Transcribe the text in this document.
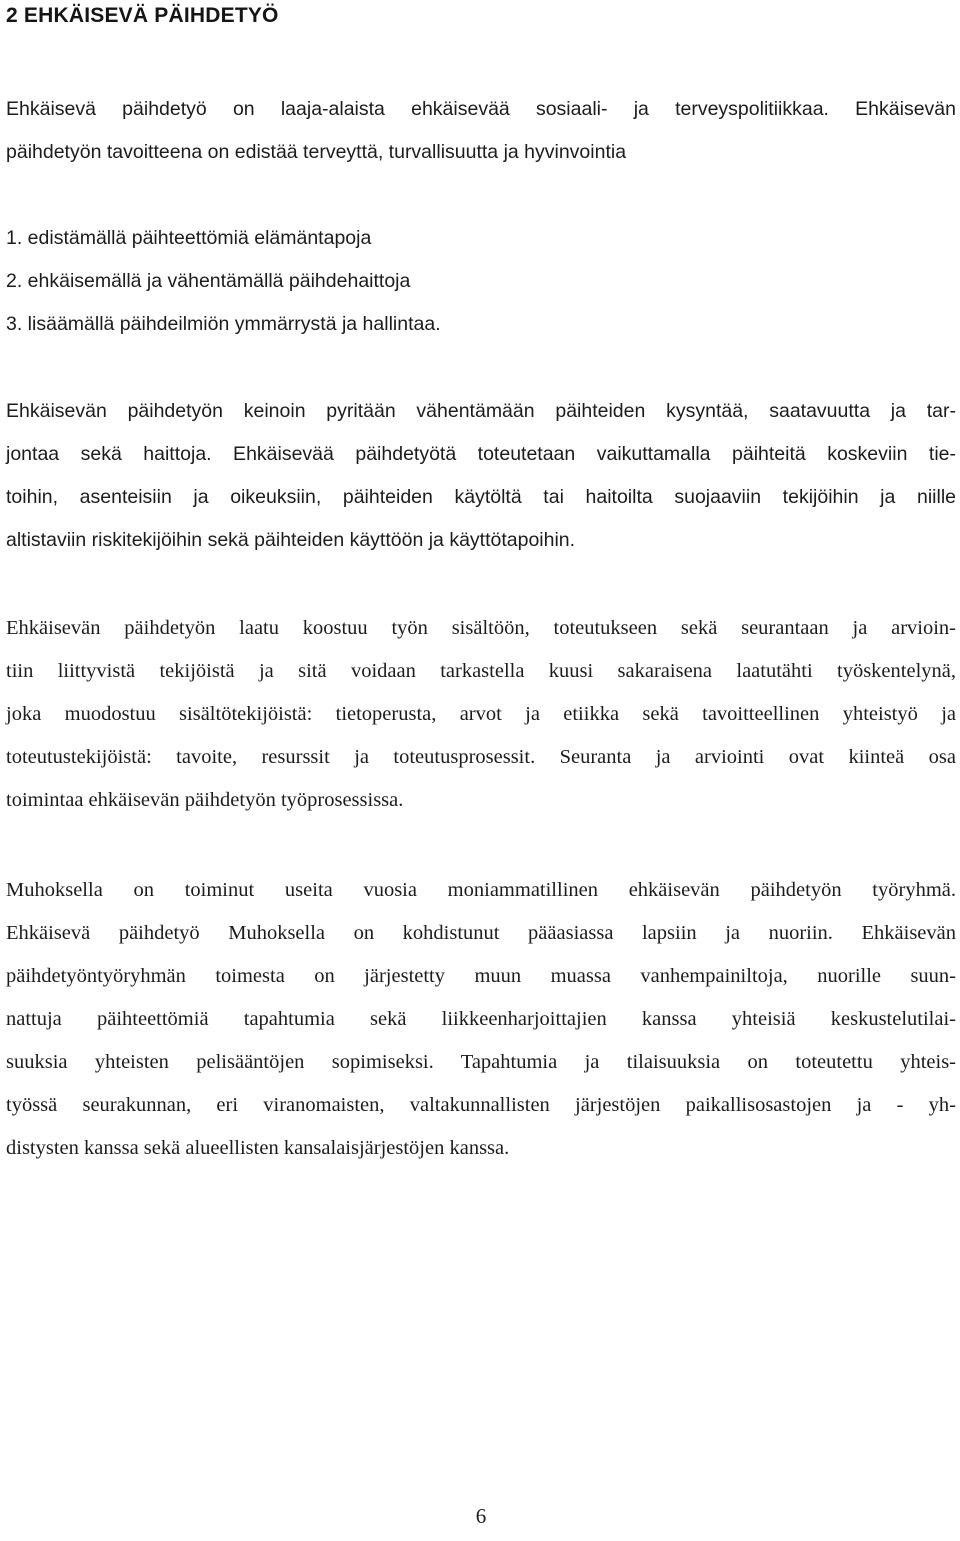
2 EHKÄISEVÄ PÄIHDETYÖ
Ehkäisevä päihdetyö on laaja-alaista ehkäisevää sosiaali- ja terveyspolitiikkaa. Ehkäisevän
päihdetyön tavoitteena on edistää terveyttä, turvallisuutta ja hyvinvointia
1. edistämällä päihteettömiä elämäntapoja
2. ehkäisemällä ja vähentämällä päihdehaittoja
3. lisäämällä päihdeilmiön ymmärrystä ja hallintaa.
Ehkäisevän päihdetyön keinoin pyritään vähentämään päihteiden kysyntää, saatavuutta ja tar-
jontaa sekä haittoja. Ehkäisevää päihdetyötä toteutetaan vaikuttamalla päihteitä koskeviin tie-
toihin, asenteisiin ja oikeuksiin, päihteiden käytöltä tai haitoilta suojaaviin tekijöihin ja niille
altistaviin riskitekijöihin sekä päihteiden käyttöön ja käyttötapoihin.
Ehkäisevän päihdetyön laatu koostuu työn sisältöön, toteutukseen sekä seurantaan ja arvioin-
tiin liittyvistä tekijöistä ja sitä voidaan tarkastella kuusi sakaraisena laatutähti työskentelynä,
joka muodostuu sisältötekijöistä: tietoperusta, arvot ja etiikka sekä tavoitteellinen yhteistyö ja
toteutustekijöistä: tavoite, resurssit ja toteutusprosessit. Seuranta ja arviointi ovat kiinteä osa
toimintaa ehkäisevän päihdetyön työprosessissa.
Muhoksella on toiminut useita vuosia moniammatillinen ehkäisevän päihdetyön työryhmä.
Ehkäisevä päihdetyö Muhoksella on kohdistunut pääasiassa lapsiin ja nuoriin. Ehkäisevän
päihdetyöntyöryhmän toimesta on järjestetty muun muassa vanhempainiltoja, nuorille suun-
nattuja päihteettömiä tapahtumia sekä liikkeenharjoittajien kanssa yhteisiä keskustelutilai-
suuksia yhteisten pelisääntöjen sopimiseksi. Tapahtumia ja tilaisuuksia on toteutettu yhteis-
työssä seurakunnan, eri viranomaisten, valtakunnallisten järjestöjen paikallisosastojen ja - yh-
distysten kanssa sekä alueellisten kansalaisjärjestöjen kanssa.
6
